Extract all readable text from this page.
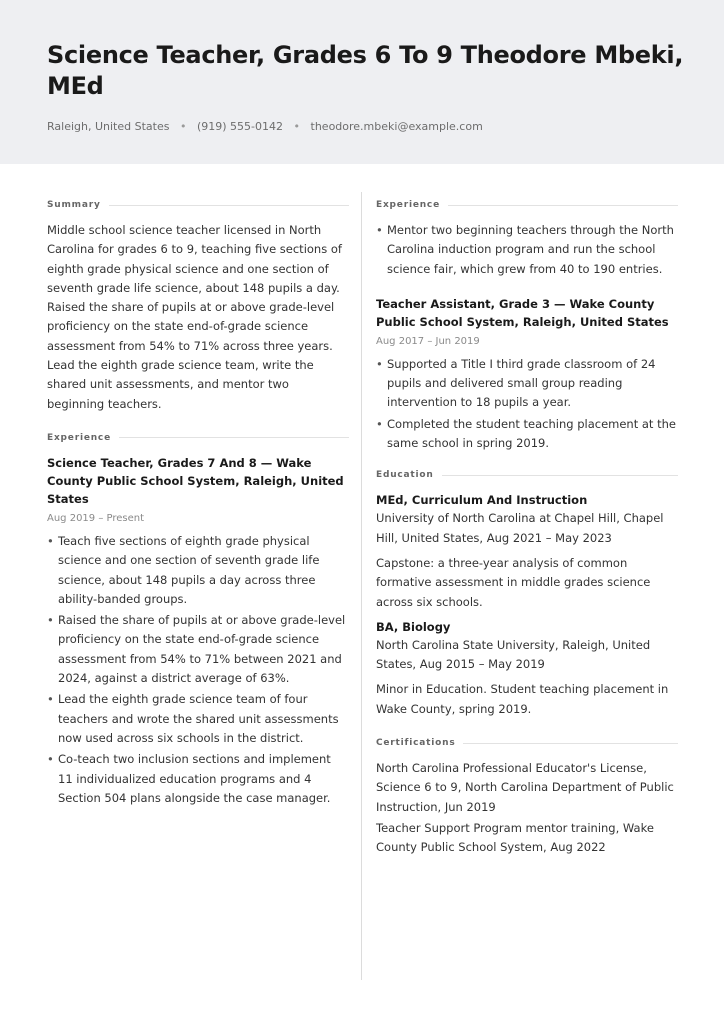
Science Teacher, Grades 6 To 9 Theodore Mbeki, MEd
Raleigh, United States • (919) 555-0142 • theodore.mbeki@example.com
Summary

Middle school science teacher licensed in North Carolina for grades 6 to 9, teaching five sections of eighth grade physical science and one section of seventh grade life science, about 148 pupils a day. Raised the share of pupils at or above grade-level proficiency on the state end-of-grade science assessment from 54% to 71% across three years. Lead the eighth grade science team, write the shared unit assessments, and mentor two beginning teachers.

Experience

Science Teacher, Grades 7 And 8 — Wake County Public School System, Raleigh, United States

Aug 2019 – Present
• Teach five sections of eighth grade physical science and one section of seventh grade life science, about 148 pupils a day across three ability-banded groups.
• Raised the share of pupils at or above grade-level proficiency on the state end-of-grade science assessment from 54% to 71% between 2021 and 2024, against a district average of 63%.
• Lead the eighth grade science team of four teachers and wrote the shared unit assessments now used across six schools in the district.
• Co-teach two inclusion sections and implement 11 individualized education programs and 4 Section 504 plans alongside the case manager.
Experience
• Mentor two beginning teachers through the North Carolina induction program and run the school science fair, which grew from 40 to 190 entries.

Teacher Assistant, Grade 3 — Wake County Public School System, Raleigh, United States

Aug 2017 – Jun 2019
• Supported a Title I third grade classroom of 24 pupils and delivered small group reading intervention to 18 pupils a year.
• Completed the student teaching placement at the same school in spring 2019.
Education

MEd, Curriculum And Instruction

University of North Carolina at Chapel Hill, Chapel Hill, United States, Aug 2021 – May 2023

Capstone: a three-year analysis of common formative assessment in middle grades science across six schools.

BA, Biology

North Carolina State University, Raleigh, United States, Aug 2015 – May 2019

Minor in Education. Student teaching placement in Wake County, spring 2019.

Certifications

North Carolina Professional Educator's License, Science 6 to 9, North Carolina Department of Public Instruction, Jun 2019

Teacher Support Program mentor training, Wake County Public School System, Aug 2022
